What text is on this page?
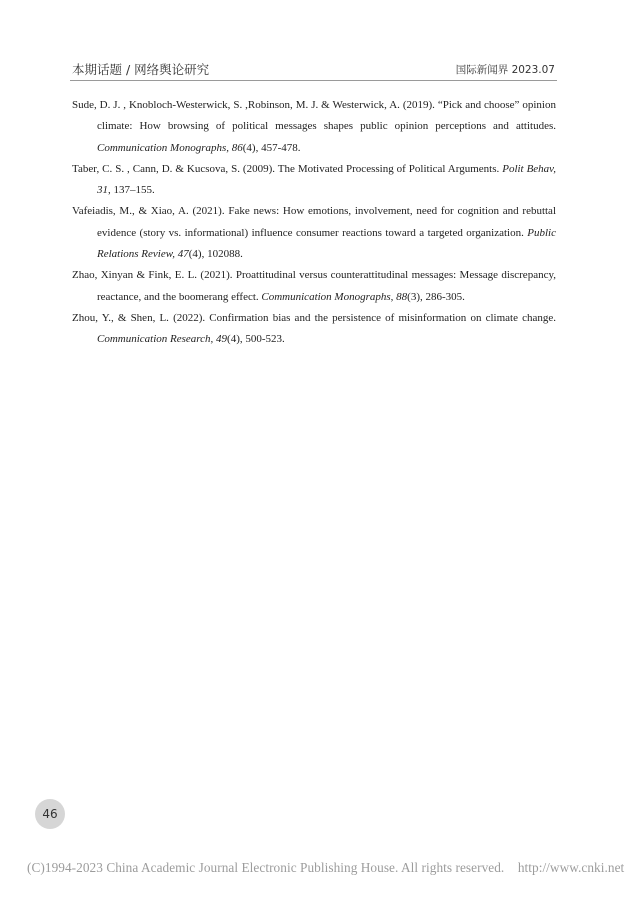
本期话题 / 网络舆论研究	国际新闻界 2023.07

Sude, D. J. , Knobloch-Westerwick, S. ,Robinson, M. J. & Westerwick, A. (2019). “Pick and choose” opinion climate: How browsing of political messages shapes public opinion perceptions and attitudes. Communication Monographs, 86(4), 457-478.

Taber, C. S. , Cann, D. & Kucsova, S. (2009). The Motivated Processing of Political Arguments. Polit Behav, 31, 137–155.

Vafeiadis, M., & Xiao, A. (2021). Fake news: How emotions, involvement, need for cognition and rebuttal evidence (story vs. informational) influence consumer reactions toward a targeted organization. Public Relations Review, 47(4), 102088.

Zhao, Xinyan & Fink, E. L. (2021). Proattitudinal versus counterattitudinal messages: Message discrepancy, reactance, and the boomerang effect. Communication Monographs, 88(3), 286-305.

Zhou, Y., & Shen, L. (2022). Confirmation bias and the persistence of misinformation on climate change. Communication Research, 49(4), 500-523.

46
(C)1994-2023 China Academic Journal Electronic Publishing House. All rights reserved. http://www.cnki.net
